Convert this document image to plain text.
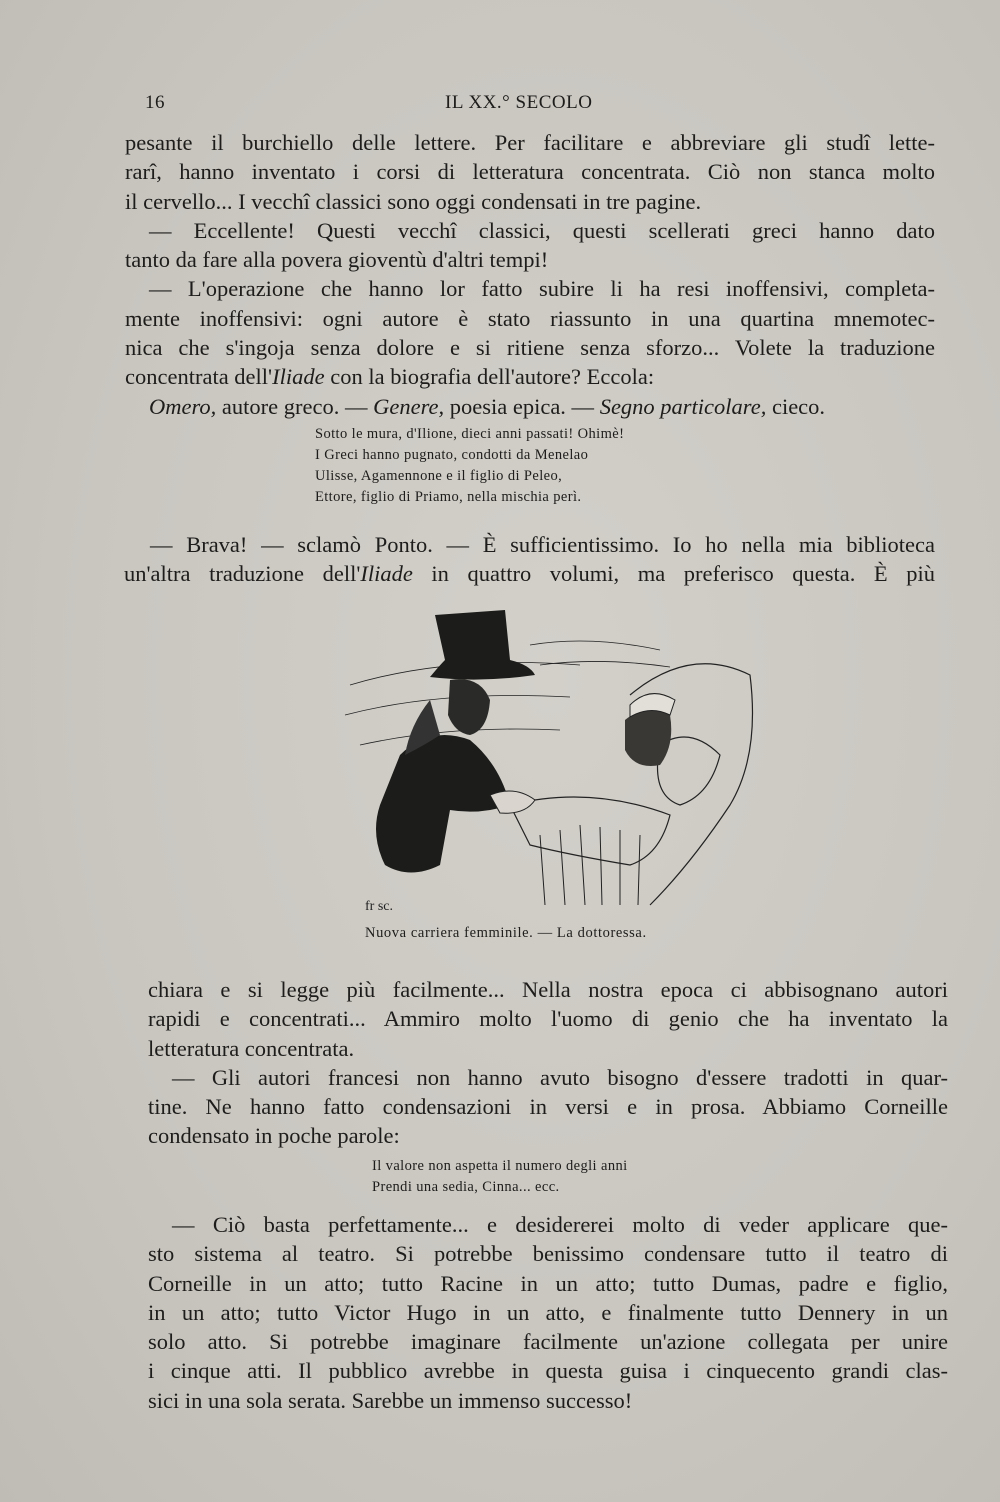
16	IL XX.° SECOLO
pesante il burchiello delle lettere. Per facilitare e abbreviare gli studî lette-
rarî, hanno inventato i corsi di letteratura concentrata. Ciò non stanca molto
il cervello... I vecchî classici sono oggi condensati in tre pagine.
— Eccellente! Questi vecchî classici, questi scellerati greci hanno dato
tanto da fare alla povera gioventù d'altri tempi!
— L'operazione che hanno lor fatto subire li ha resi inoffensivi, completa-
mente inoffensivi: ogni autore è stato riassunto in una quartina mnemotec-
nica che s'ingoja senza dolore e si ritiene senza sforzo... Volete la traduzione
concentrata dell'Iliade con la biografia dell'autore? Eccola:
Omero, autore greco. — Genere, poesia epica. — Segno particolare, cieco.
Sotto le mura, d'Ilione, dieci anni passati! Ohimè!
I Greci hanno pugnato, condotti da Menelao
Ulisse, Agamennone e il figlio di Peleo,
Ettore, figlio di Priamo, nella mischia perì.
— Brava! — sclamò Ponto. — È sufficientissimo. Io ho nella mia biblioteca
un'altra traduzione dell'Iliade in quattro volumi, ma preferisco questa. È più
fr sc.
Nuova carriera femminile. — La dottoressa.
chiara e si legge più facilmente... Nella nostra epoca ci abbisognano autori
rapidi e concentrati... Ammiro molto l'uomo di genio che ha inventato la
letteratura concentrata.
— Gli autori francesi non hanno avuto bisogno d'essere tradotti in quar-
tine. Ne hanno fatto condensazioni in versi e in prosa. Abbiamo Corneille
condensato in poche parole:
Il valore non aspetta il numero degli anni
Prendi una sedia, Cinna... ecc.
— Ciò basta perfettamente... e desidererei molto di veder applicare que-
sto sistema al teatro. Si potrebbe benissimo condensare tutto il teatro di
Corneille in un atto; tutto Racine in un atto; tutto Dumas, padre e figlio,
in un atto; tutto Victor Hugo in un atto, e finalmente tutto Dennery in un
solo atto. Si potrebbe imaginare facilmente un'azione collegata per unire
i cinque atti. Il pubblico avrebbe in questa guisa i cinquecento grandi clas-
sici in una sola serata. Sarebbe un immenso successo!
